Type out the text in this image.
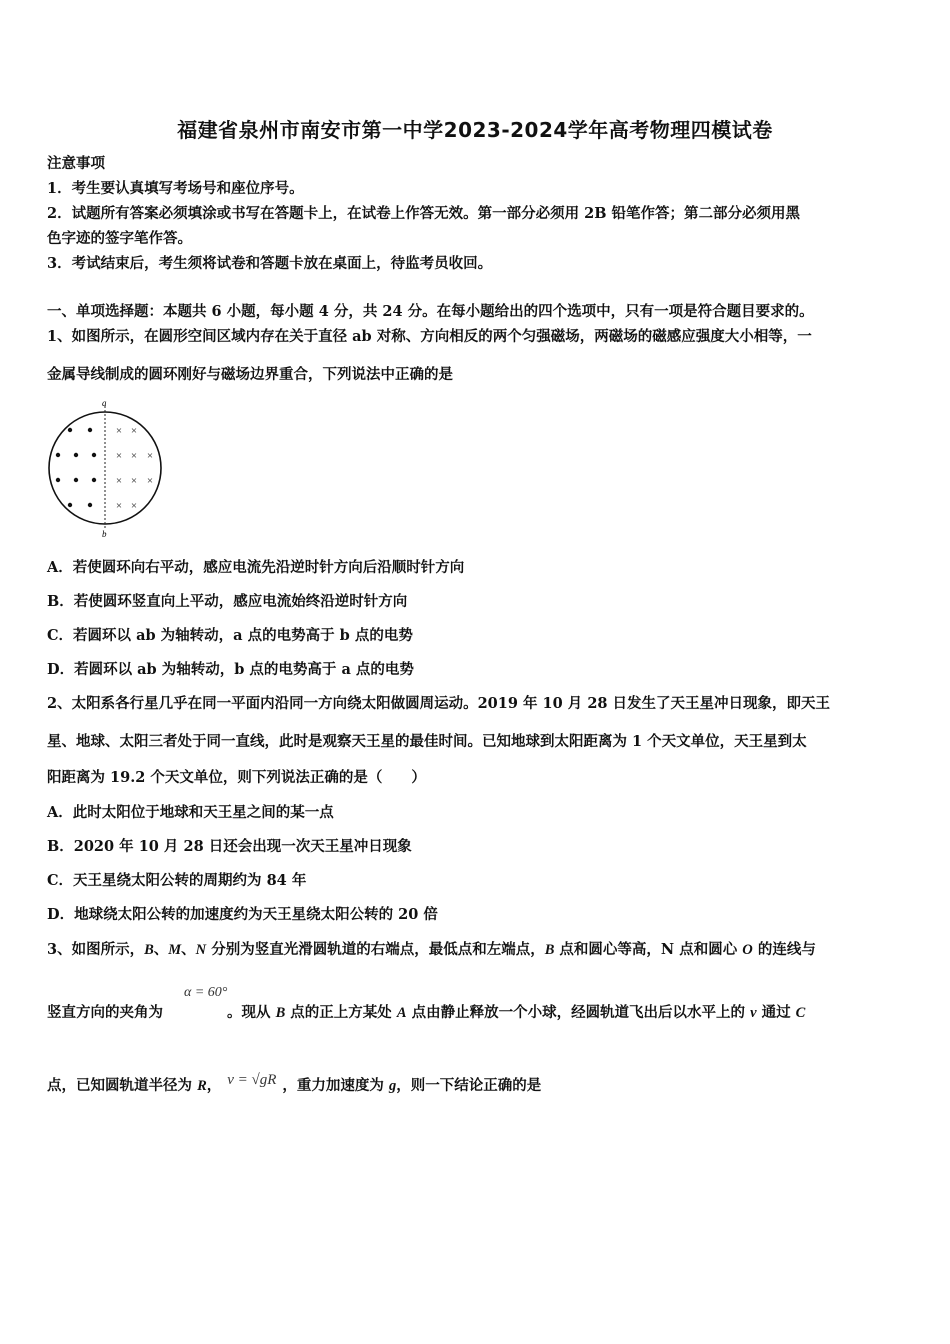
福建省泉州市南安市第一中学2023-2024学年高考物理四模试卷
注意事项
1．考生要认真填写考场号和座位序号。
2．试题所有答案必须填涂或书写在答题卡上，在试卷上作答无效。第一部分必须用 2B 铅笔作答；第二部分必须用黑
色字迹的签字笔作答。
3．考试结束后，考生须将试卷和答题卡放在桌面上，待监考员收回。
一、单项选择题：本题共 6 小题，每小题 4 分，共 24 分。在每小题给出的四个选项中，只有一项是符合题目要求的。
1、如图所示，在圆形空间区域内存在关于直径 ab 对称、方向相反的两个匀强磁场，两磁场的磁感应强度大小相等，一
金属导线制成的圆环刚好与磁场边界重合，下列说法中正确的是
a
b
× ×
× × ×
× × ×
× ×
A．若使圆环向右平动，感应电流先沿逆时针方向后沿顺时针方向
B．若使圆环竖直向上平动，感应电流始终沿逆时针方向
C．若圆环以 ab 为轴转动，a 点的电势高于 b 点的电势
D．若圆环以 ab 为轴转动，b 点的电势高于 a 点的电势
2、太阳系各行星几乎在同一平面内沿同一方向绕太阳做圆周运动。2019 年 10 月 28 日发生了天王星冲日现象，即天王
星、地球、太阳三者处于同一直线，此时是观察天王星的最佳时间。已知地球到太阳距离为 1 个天文单位，天王星到太
阳距离为 19.2 个天文单位，则下列说法正确的是（　　）
A．此时太阳位于地球和天王星之间的某一点
B．2020 年 10 月 28 日还会出现一次天王星冲日现象
C．天王星绕太阳公转的周期约为 84 年
D．地球绕太阳公转的加速度约为天王星绕太阳公转的 20 倍
3、如图所示，B、M、N 分别为竖直光滑圆轨道的右端点，最低点和左端点，B 点和圆心等高，N 点和圆心 O 的连线与
α = 60°
竖直方向的夹角为	。现从 B 点的正上方某处 A 点由静止释放一个小球，经圆轨道飞出后以水平上的 v 通过 C
点，已知圆轨道半径为 R， v = √gR ，重力加速度为 g，则一下结论正确的是
